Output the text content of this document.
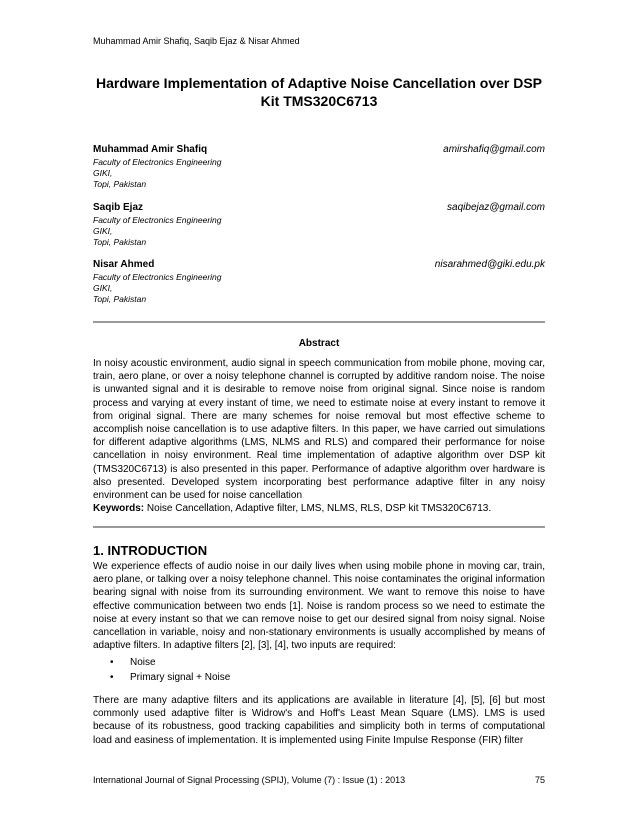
Muhammad Amir Shafiq, Saqib Ejaz & Nisar Ahmed
Hardware Implementation of Adaptive Noise Cancellation over DSP Kit TMS320C6713
Muhammad Amir Shafiq	amirshafiq@gmail.com
Faculty of Electronics Engineering
GIKI,
Topi, Pakistan
Saqib Ejaz	saqibejaz@gmail.com
Faculty of Electronics Engineering
GIKI,
Topi, Pakistan
Nisar Ahmed	nisarahmed@giki.edu.pk
Faculty of Electronics Engineering
GIKI,
Topi, Pakistan
Abstract
In noisy acoustic environment, audio signal in speech communication from mobile phone, moving car, train, aero plane, or over a noisy telephone channel is corrupted by additive random noise. The noise is unwanted signal and it is desirable to remove noise from original signal. Since noise is random process and varying at every instant of time, we need to estimate noise at every instant to remove it from original signal. There are many schemes for noise removal but most effective scheme to accomplish noise cancellation is to use adaptive filters. In this paper, we have carried out simulations for different adaptive algorithms (LMS, NLMS and RLS) and compared their performance for noise cancellation in noisy environment. Real time implementation of adaptive algorithm over DSP kit (TMS320C6713) is also presented in this paper. Performance of adaptive algorithm over hardware is also presented. Developed system incorporating best performance adaptive filter in any noisy environment can be used for noise cancellation
Keywords: Noise Cancellation, Adaptive filter, LMS, NLMS, RLS, DSP kit TMS320C6713.
1. INTRODUCTION
We experience effects of audio noise in our daily lives when using mobile phone in moving car, train, aero plane, or talking over a noisy telephone channel. This noise contaminates the original information bearing signal with noise from its surrounding environment. We want to remove this noise to have effective communication between two ends [1]. Noise is random process so we need to estimate the noise at every instant so that we can remove noise to get our desired signal from noisy signal. Noise cancellation in variable, noisy and non-stationary environments is usually accomplished by means of adaptive filters. In adaptive filters [2], [3], [4], two inputs are required:
• Noise
• Primary signal + Noise
There are many adaptive filters and its applications are available in literature [4], [5], [6] but most commonly used adaptive filter is Widrow's and Hoff's Least Mean Square (LMS). LMS is used because of its robustness, good tracking capabilities and simplicity both in terms of computational load and easiness of implementation. It is implemented using Finite Impulse Response (FIR) filter
International Journal of Signal Processing (SPIJ), Volume (7) : Issue (1) : 2013	75
